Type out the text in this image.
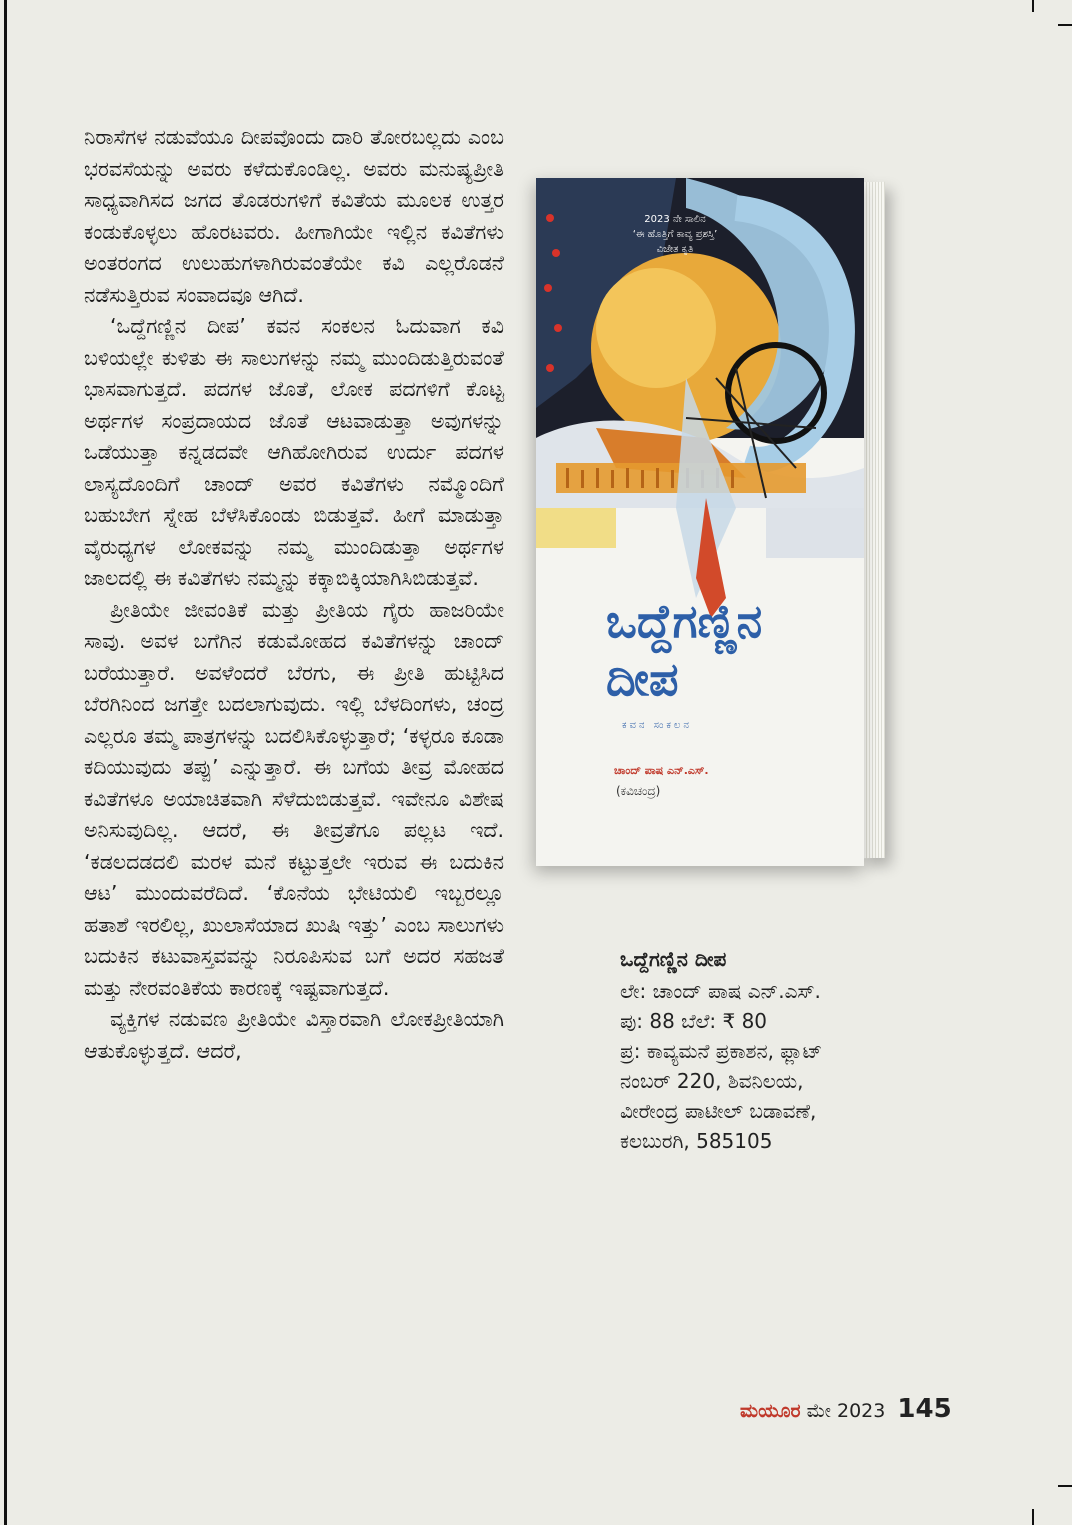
ನಿರಾಸೆಗಳ ನಡುವೆಯೂ ದೀಪವೊಂದು ದಾರಿ ತೋರಬಲ್ಲದು ಎಂಬ ಭರವಸೆಯನ್ನು ಅವರು ಕಳೆದುಕೊಂಡಿಲ್ಲ. ಅವರು ಮನುಷ್ಯಪ್ರೀತಿ ಸಾಧ್ಯವಾಗಿಸದ ಜಗದ ತೊಡರುಗಳಿಗೆ ಕವಿತೆಯ ಮೂಲಕ ಉತ್ತರ ಕಂಡುಕೊಳ್ಳಲು ಹೊರಟವರು. ಹೀಗಾಗಿಯೇ ಇಲ್ಲಿನ ಕವಿತೆಗಳು ಅಂತರಂಗದ ಉಲುಹುಗಳಾಗಿರುವಂತೆಯೇ ಕವಿ ಎಲ್ಲರೊಡನೆ ನಡೆಸುತ್ತಿರುವ ಸಂವಾದವೂ ಆಗಿದೆ.

‘ಒದ್ದೆಗಣ್ಣಿನ ದೀಪ’ ಕವನ ಸಂಕಲನ ಓದುವಾಗ ಕವಿ ಬಳಿಯಲ್ಲೇ ಕುಳಿತು ಈ ಸಾಲುಗಳನ್ನು ನಮ್ಮ ಮುಂದಿಡುತ್ತಿರುವಂತೆ ಭಾಸವಾಗುತ್ತದೆ. ಪದಗಳ ಜೊತೆ, ಲೋಕ ಪದಗಳಿಗೆ ಕೊಟ್ಟ ಅರ್ಥಗಳ ಸಂಪ್ರದಾಯದ ಜೊತೆ ಆಟವಾಡುತ್ತಾ ಅವುಗಳನ್ನು ಒಡೆಯುತ್ತಾ ಕನ್ನಡದವೇ ಆಗಿಹೋಗಿರುವ ಉರ್ದು ಪದಗಳ ಲಾಸ್ಯದೊಂದಿಗೆ ಚಾಂದ್ ಅವರ ಕವಿತೆಗಳು ನಮ್ಮೊಂದಿಗೆ ಬಹುಬೇಗ ಸ್ನೇಹ ಬೆಳೆಸಿಕೊಂಡು ಬಿಡುತ್ತವೆ. ಹೀಗೆ ಮಾಡುತ್ತಾ ವೈರುಧ್ಯಗಳ ಲೋಕವನ್ನು ನಮ್ಮ ಮುಂದಿಡುತ್ತಾ ಅರ್ಥಗಳ ಜಾಲದಲ್ಲಿ ಈ ಕವಿತೆಗಳು ನಮ್ಮನ್ನು ಕಕ್ಕಾಬಿಕ್ಕಿಯಾಗಿಸಿಬಿಡುತ್ತವೆ.

ಪ್ರೀತಿಯೇ ಜೀವಂತಿಕೆ ಮತ್ತು ಪ್ರೀತಿಯ ಗೈರು ಹಾಜರಿಯೇ ಸಾವು. ಅವಳ ಬಗೆಗಿನ ಕಡುಮೋಹದ ಕವಿತೆಗಳನ್ನು ಚಾಂದ್ ಬರೆಯುತ್ತಾರೆ. ಅವಳೆಂದರೆ ಬೆರಗು, ಈ ಪ್ರೀತಿ ಹುಟ್ಟಿಸಿದ ಬೆರಗಿನಿಂದ ಜಗತ್ತೇ ಬದಲಾಗುವುದು. ಇಲ್ಲಿ ಬೆಳದಿಂಗಳು, ಚಂದ್ರ ಎಲ್ಲರೂ ತಮ್ಮ ಪಾತ್ರಗಳನ್ನು ಬದಲಿಸಿಕೊಳ್ಳುತ್ತಾರೆ; ‘ಕಳ್ಳರೂ ಕೂಡಾ ಕದಿಯುವುದು ತಪ್ಪು’ ಎನ್ನುತ್ತಾರೆ. ಈ ಬಗೆಯ ತೀವ್ರ ಮೋಹದ ಕವಿತೆಗಳೂ ಅಯಾಚಿತವಾಗಿ ಸೆಳೆದುಬಿಡುತ್ತವೆ. ಇವೇನೂ ವಿಶೇಷ ಅನಿಸುವುದಿಲ್ಲ. ಆದರೆ, ಈ ತೀವ್ರತೆಗೂ ಪಲ್ಲಟ ಇದೆ. ‘ಕಡಲದಡದಲಿ ಮರಳ ಮನೆ ಕಟ್ಟುತ್ತಲೇ ಇರುವ ಈ ಬದುಕಿನ ಆಟ’ ಮುಂದುವರೆದಿದೆ. ‘ಕೊನೆಯ ಭೇಟಿಯಲಿ ಇಬ್ಬರಲ್ಲೂ ಹತಾಶೆ ಇರಲಿಲ್ಲ, ಖುಲಾಸೆಯಾದ ಖುಷಿ ಇತ್ತು’ ಎಂಬ ಸಾಲುಗಳು ಬದುಕಿನ ಕಟುವಾಸ್ತವವನ್ನು ನಿರೂಪಿಸುವ ಬಗೆ ಅದರ ಸಹಜತೆ ಮತ್ತು ನೇರವಂತಿಕೆಯ ಕಾರಣಕ್ಕೆ ಇಷ್ಟವಾಗುತ್ತದೆ.

ವ್ಯಕ್ತಿಗಳ ನಡುವಣ ಪ್ರೀತಿಯೇ ವಿಸ್ತಾರವಾಗಿ ಲೋಕಪ್ರೀತಿಯಾಗಿ ಆತುಕೊಳ್ಳುತ್ತದೆ. ಆದರೆ,

2023 ನೇ ಸಾಲಿನ
‘ಈ ಹೊತ್ತಿಗೆ ಕಾವ್ಯ ಪ್ರಶಸ್ತಿ’
ವಿಜೇತ ಕೃತಿ
ಒದ್ದೆಗಣ್ಣಿನ
ದೀಪ
ಕವನ ಸಂಕಲನ
ಚಾಂದ್ ಪಾಷ ಎನ್.ಎಸ್.
(ಕವಿಚಂದ್ರ)
ಒದ್ದೆಗಣ್ಣಿನ ದೀಪ
ಲೇ: ಚಾಂದ್ ಪಾಷ ಎನ್.ಎಸ್.
ಪು: 88 ಬೆಲೆ: ₹ 80
ಪ್ರ: ಕಾವ್ಯಮನೆ ಪ್ರಕಾಶನ, ಫ್ಲಾಟ್
ನಂಬರ್ 220, ಶಿವನಿಲಯ,
ವೀರೇಂದ್ರ ಪಾಟೀಲ್ ಬಡಾವಣೆ,
ಕಲಬುರಗಿ, 585105
ಮಯೂರ ಮೇ 2023 145
